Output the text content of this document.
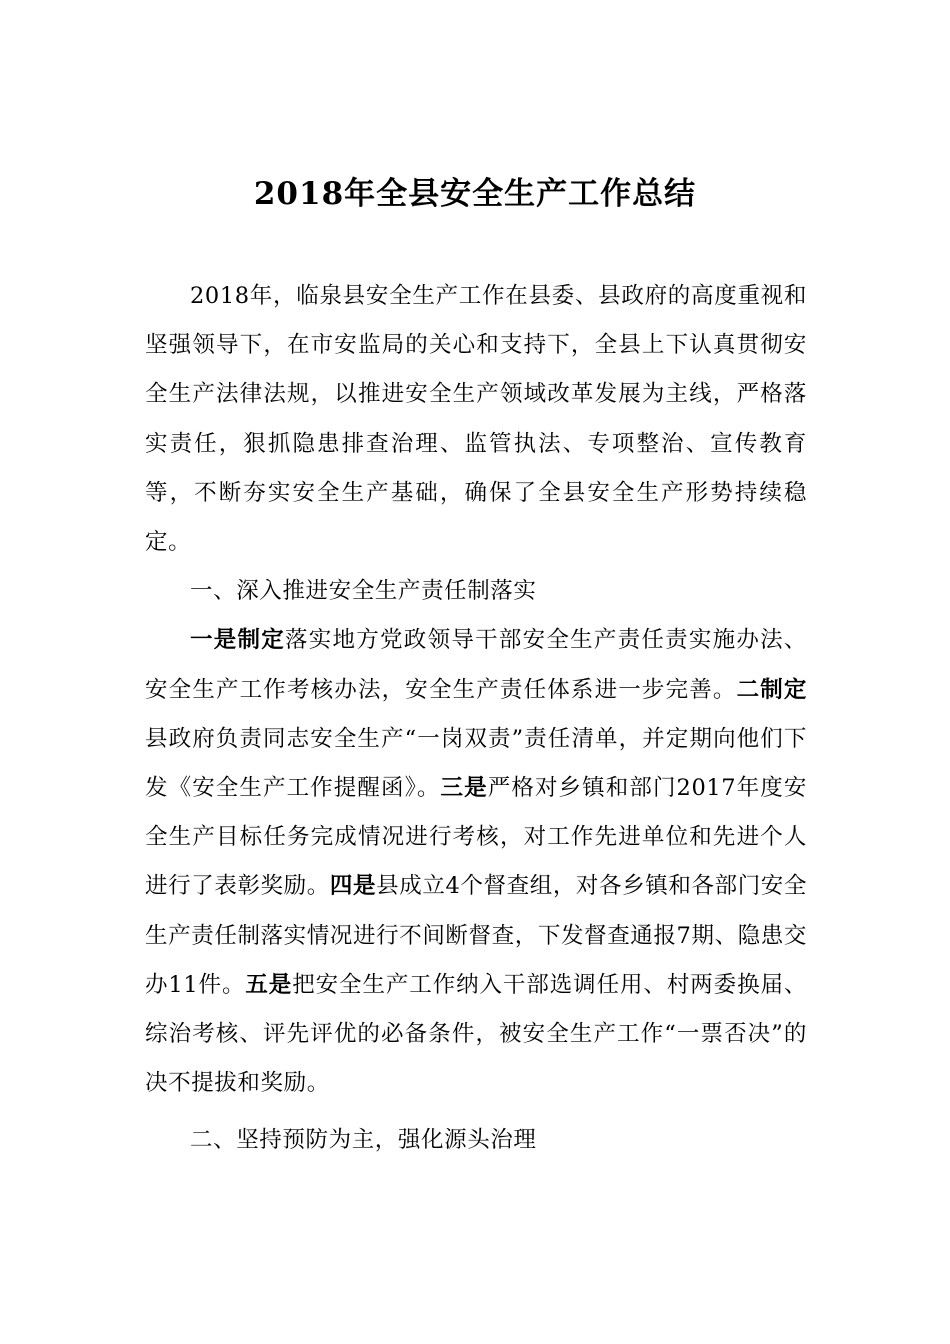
2018年全县安全生产工作总结

2018年，临泉县安全生产工作在县委、县政府的高度重视和坚强领导下，在市安监局的关心和支持下，全县上下认真贯彻安全生产法律法规，以推进安全生产领域改革发展为主线，严格落实责任，狠抓隐患排查治理、监管执法、专项整治、宣传教育等，不断夯实安全生产基础，确保了全县安全生产形势持续稳定。

一、深入推进安全生产责任制落实

一是制定落实地方党政领导干部安全生产责任责实施办法、安全生产工作考核办法，安全生产责任体系进一步完善。二制定县政府负责同志安全生产“一岗双责”责任清单，并定期向他们下发《安全生产工作提醒函》。三是严格对乡镇和部门2017年度安全生产目标任务完成情况进行考核，对工作先进单位和先进个人进行了表彰奖励。四是县成立4个督查组，对各乡镇和各部门安全生产责任制落实情况进行不间断督查，下发督查通报7期、隐患交办11件。五是把安全生产工作纳入干部选调任用、村两委换届、综治考核、评先评优的必备条件，被安全生产工作“一票否决”的决不提拔和奖励。

二、坚持预防为主，强化源头治理
